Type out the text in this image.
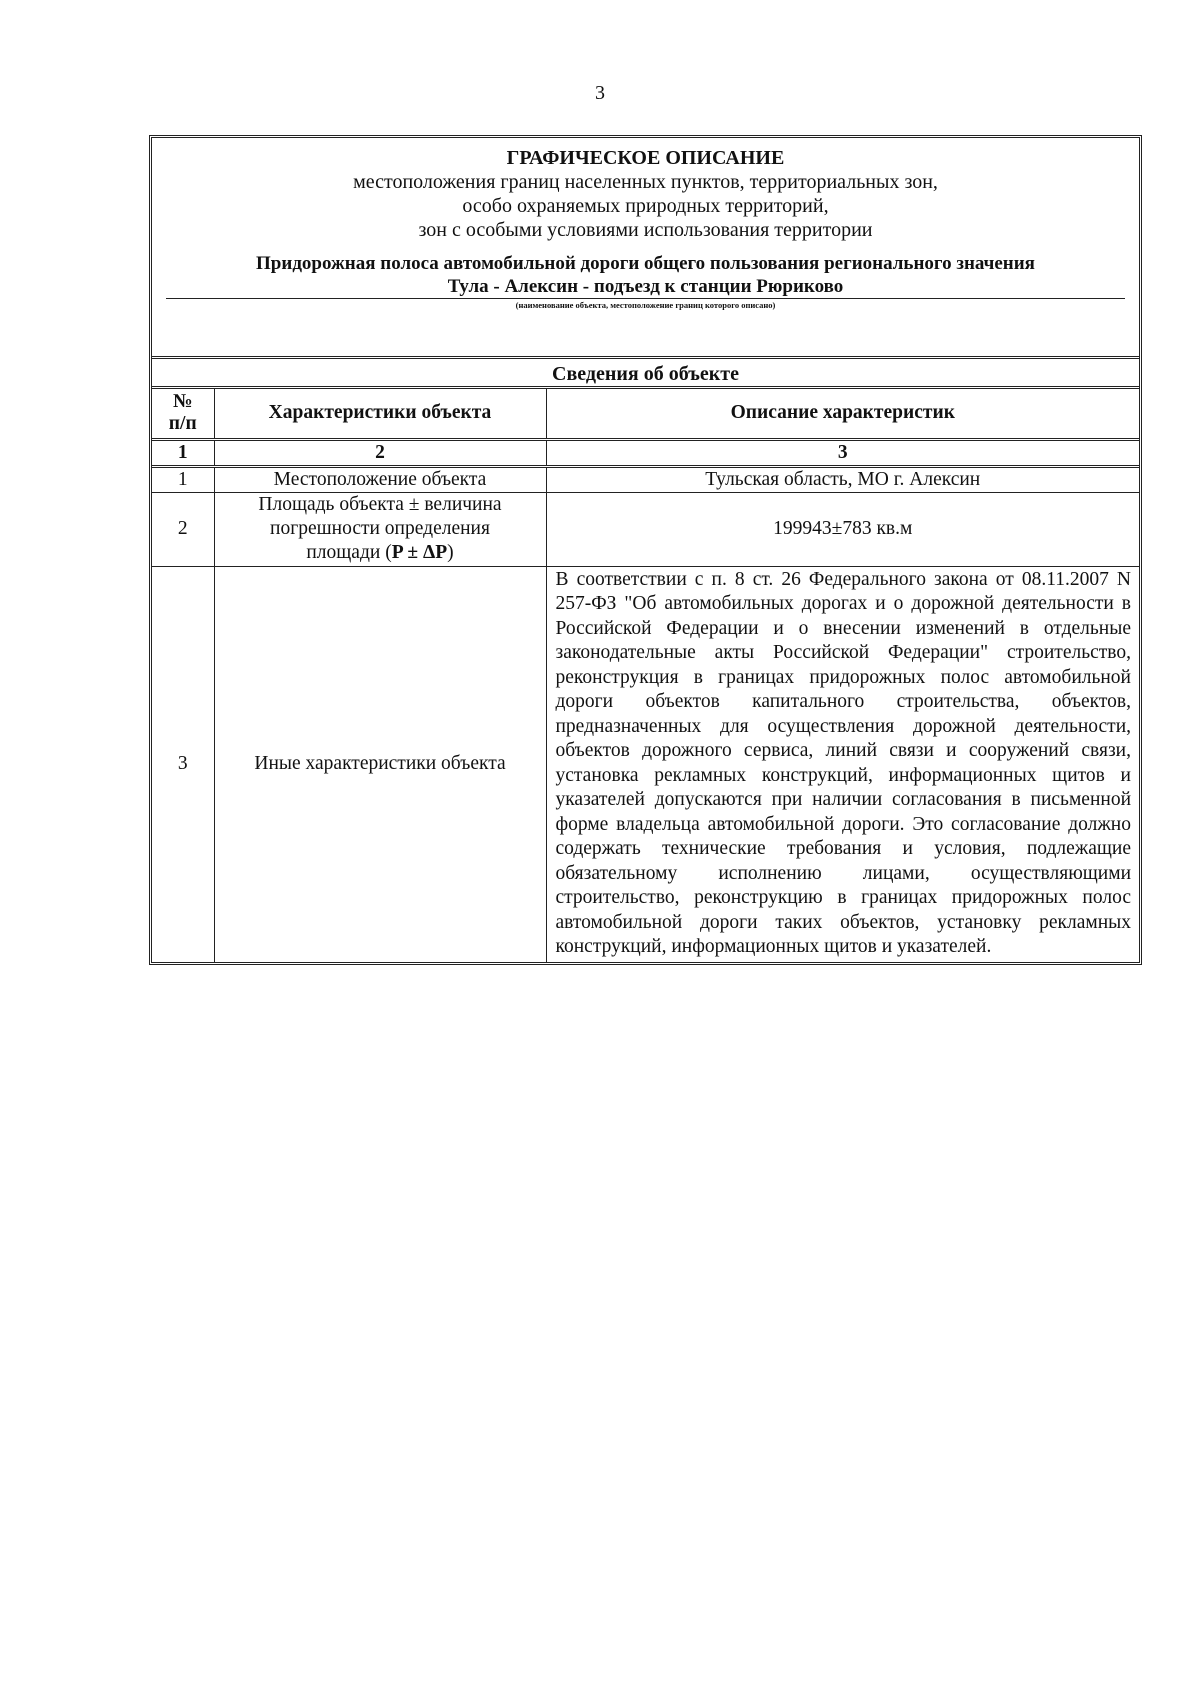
3
ГРАФИЧЕСКОЕ ОПИСАНИЕ
местоположения границ населенных пунктов, территориальных зон,
особо охраняемых природных территорий,
зон с особыми условиями использования территории
Придорожная полоса автомобильной дороги общего пользования регионального значения
Тула - Алексин - подъезд к станции Рюриково
(наименование объекта, местоположение границ которого описано)
Сведения об объекте
№
п/п	Характеристики объекта	Описание характеристик
1	2	3
1	Местоположение объекта	Тульская область, МО г. Алексин
2	Площадь объекта ± величина
погрешности определения
площади (P ± ΔP)	199943±783 кв.м
3	Иные характеристики объекта	В соответствии с п. 8 ст. 26 Федерального закона от 08.11.2007 N 257-ФЗ "Об автомобильных дорогах и о дорожной деятельности в Российской Федерации и о внесении изменений в отдельные законодательные акты Российской Федерации" строительство, реконструкция в границах придорожных полос автомобильной дороги объектов капитального строительства, объектов, предназначенных для осуществления дорожной деятельности, объектов дорожного сервиса, линий связи и сооружений связи, установка рекламных конструкций, информационных щитов и указателей допускаются при наличии согласования в письменной форме владельца автомобильной дороги. Это согласование должно содержать технические требования и условия, подлежащие обязательному исполнению лицами, осуществляющими строительство, реконструкцию в границах придорожных полос автомобильной дороги таких объектов, установку рекламных конструкций, информационных щитов и указателей.
